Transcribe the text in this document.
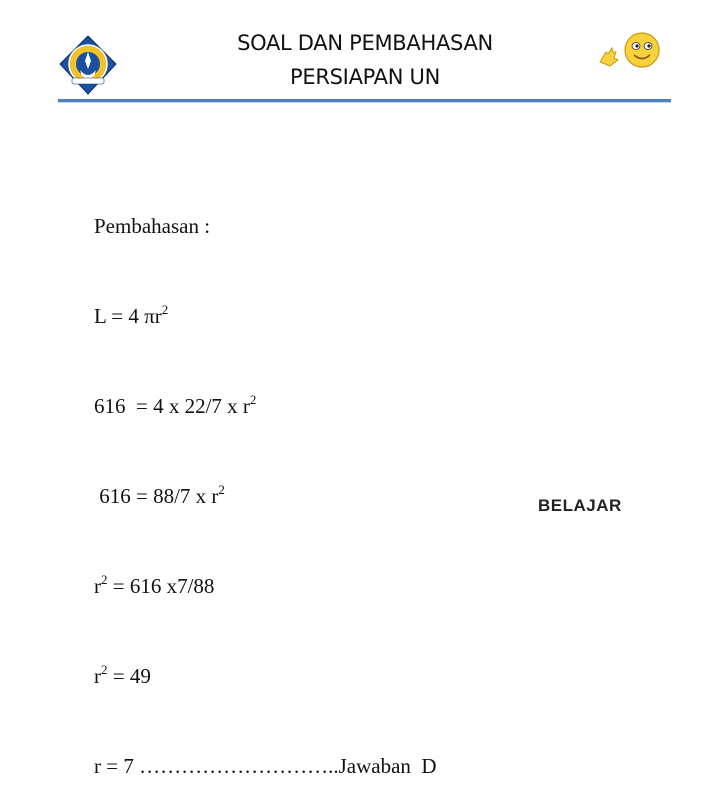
SOAL DAN PEMBAHASAN
PERSIAPAN UN

Pembahasan :

L = 4 $\pi r^2$

616  = 4 x 22/7 x $r^2$

616 = 88/7 x $r^2$

$r^2 = 616$ x7/88

$r^2 = 49$

r = 7 ………………………..Jawaban  D

BELAJAR
